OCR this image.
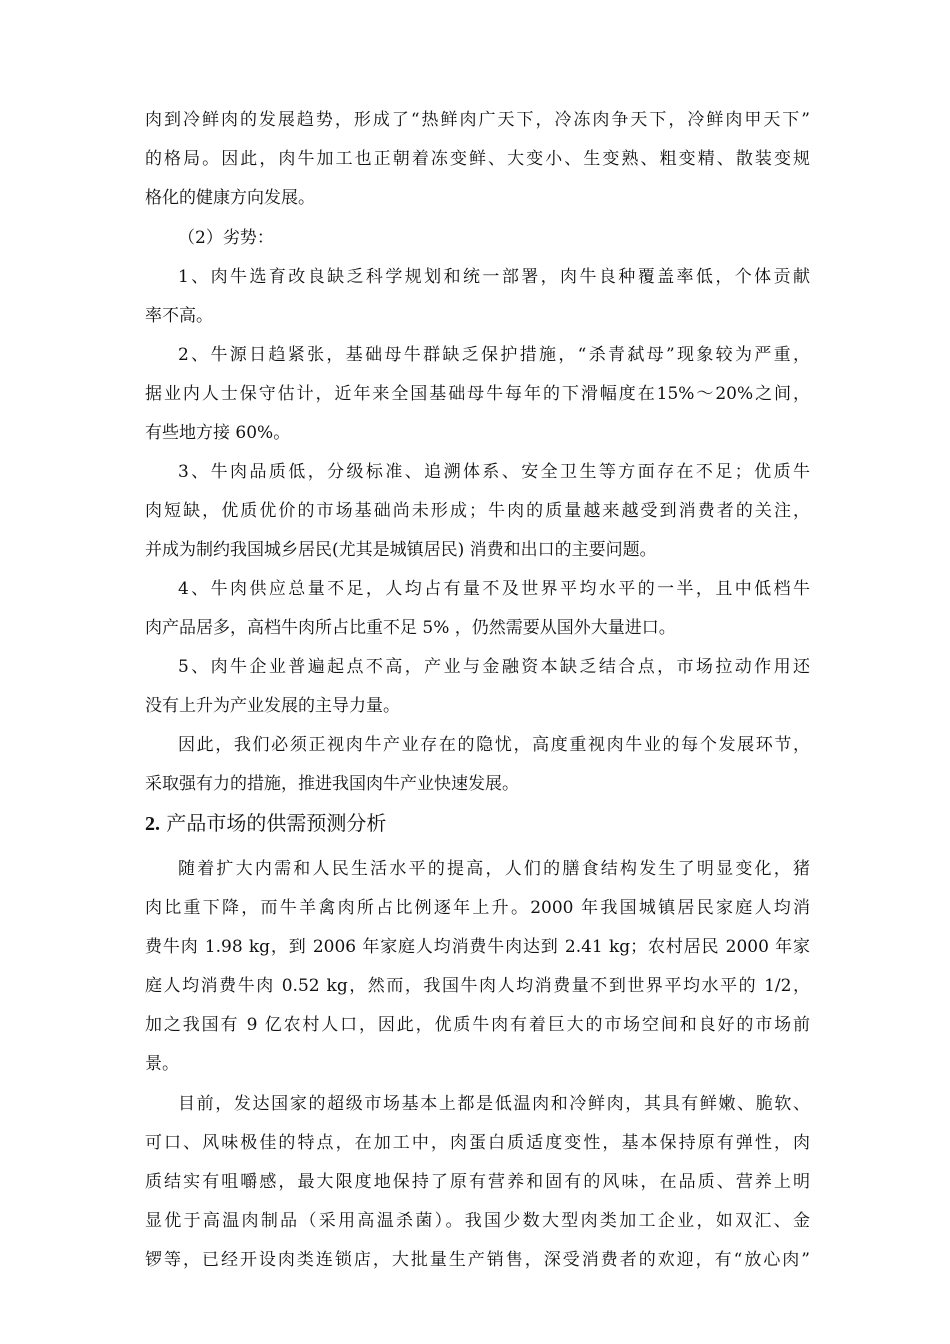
肉到冷鲜肉的发展趋势，形成了“热鲜肉广天下，冷冻肉争天下，冷鲜肉甲天下”
的格局。因此，肉牛加工也正朝着冻变鲜、大变小、生变熟、粗变精、散装变规
格化的健康方向发展。
（2）劣势：
1、肉牛选育改良缺乏科学规划和统一部署，肉牛良种覆盖率低，个体贡献
率不高。
2、牛源日趋紧张，基础母牛群缺乏保护措施，“杀青弑母”现象较为严重，
据业内人士保守估计，近年来全国基础母牛每年的下滑幅度在15%～20%之间，
有些地方接 60%。
3、牛肉品质低，分级标准、追溯体系、安全卫生等方面存在不足；优质牛
肉短缺，优质优价的市场基础尚未形成；牛肉的质量越来越受到消费者的关注，
并成为制约我国城乡居民(尤其是城镇居民) 消费和出口的主要问题。
4、牛肉供应总量不足，人均占有量不及世界平均水平的一半，且中低档牛
肉产品居多，高档牛肉所占比重不足 5% ，仍然需要从国外大量进口。
5、肉牛企业普遍起点不高，产业与金融资本缺乏结合点，市场拉动作用还
没有上升为产业发展的主导力量。
因此，我们必须正视肉牛产业存在的隐忧，高度重视肉牛业的每个发展环节，
采取强有力的措施，推进我国肉牛产业快速发展。
2. 产品市场的供需预测分析
随着扩大内需和人民生活水平的提高，人们的膳食结构发生了明显变化，猪
肉比重下降，而牛羊禽肉所占比例逐年上升。2000 年我国城镇居民家庭人均消
费牛肉 1.98 kg，到 2006 年家庭人均消费牛肉达到 2.41 kg；农村居民 2000 年家
庭人均消费牛肉 0.52 kg，然而，我国牛肉人均消费量不到世界平均水平的 1/2，
加之我国有 9 亿农村人口，因此，优质牛肉有着巨大的市场空间和良好的市场前
景。
目前，发达国家的超级市场基本上都是低温肉和冷鲜肉，其具有鲜嫩、脆软、
可口、风味极佳的特点，在加工中，肉蛋白质适度变性，基本保持原有弹性，肉
质结实有咀嚼感，最大限度地保持了原有营养和固有的风味，在品质、营养上明
显优于高温肉制品（采用高温杀菌）。我国少数大型肉类加工企业，如双汇、金
锣等，已经开设肉类连锁店，大批量生产销售，深受消费者的欢迎，有“放心肉”
